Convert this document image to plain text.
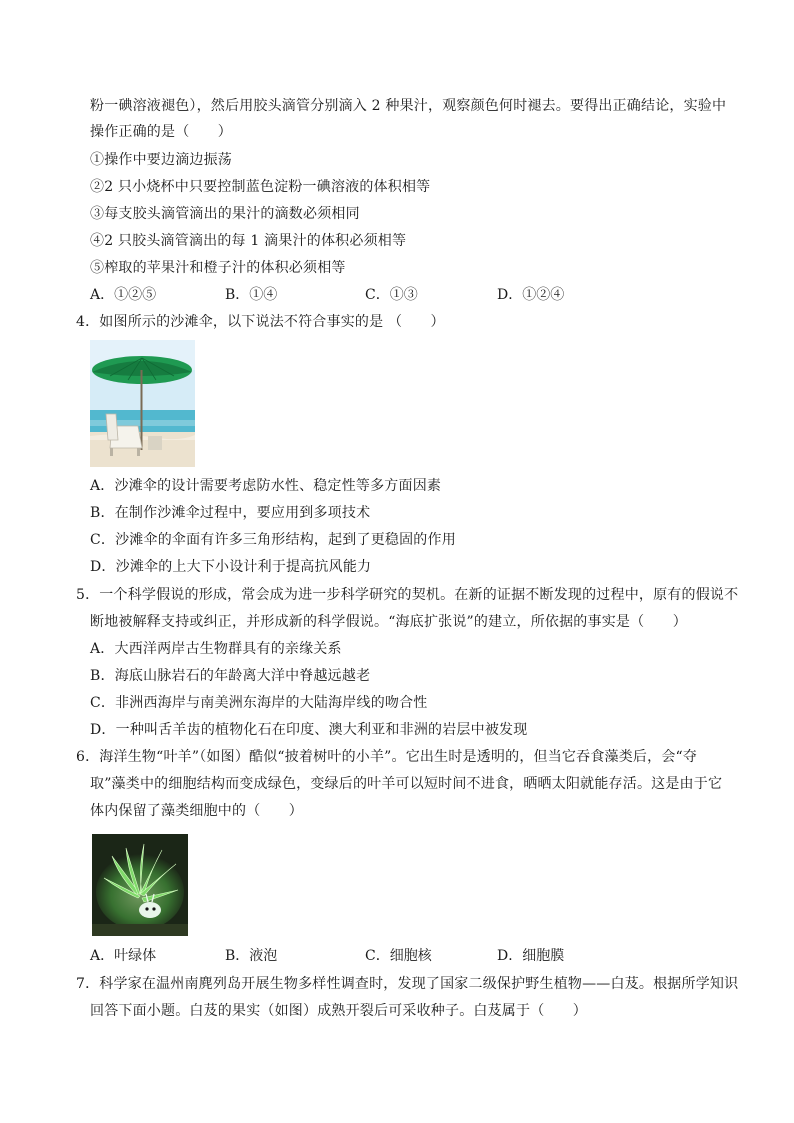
粉一碘溶液褪色），然后用胶头滴管分别滴入 2 种果汁，观察颜色何时褪去。要得出正确结论，实验中
操作正确的是（　　）
①操作中要边滴边振荡
②2 只小烧杯中只要控制蓝色淀粉一碘溶液的体积相等
③每支胶头滴管滴出的果汁的滴数必须相同
④2 只胶头滴管滴出的每 1 滴果汁的体积必须相等
⑤榨取的苹果汁和橙子汁的体积必须相等
A．①②⑤	B．①④	C．①③	D．①②④
4．如图所示的沙滩伞，以下说法不符合事实的是 （　　）
A．沙滩伞的设计需要考虑防水性、稳定性等多方面因素
B．在制作沙滩伞过程中，要应用到多项技术
C．沙滩伞的伞面有许多三角形结构，起到了更稳固的作用
D．沙滩伞的上大下小设计利于提高抗风能力
5．一个科学假说的形成，常会成为进一步科学研究的契机。在新的证据不断发现的过程中，原有的假说不
断地被解释支持或纠正，并形成新的科学假说。“海底扩张说”的建立，所依据的事实是（　　）
A．大西洋两岸古生物群具有的亲缘关系
B．海底山脉岩石的年龄离大洋中脊越远越老
C．非洲西海岸与南美洲东海岸的大陆海岸线的吻合性
D．一种叫舌羊齿的植物化石在印度、澳大利亚和非洲的岩层中被发现
6．海洋生物“叶羊”（如图）酷似“披着树叶的小羊”。它出生时是透明的，但当它吞食藻类后，会“夺
取”藻类中的细胞结构而变成绿色，变绿后的叶羊可以短时间不进食，晒晒太阳就能存活。这是由于它
体内保留了藻类细胞中的（　　）
A．叶绿体	B．液泡	C．细胞核	D．细胞膜
7．科学家在温州南麂列岛开展生物多样性调查时，发现了国家二级保护野生植物——白芨。根据所学知识
回答下面小题。白芨的果实（如图）成熟开裂后可采收种子。白芨属于（　　）
